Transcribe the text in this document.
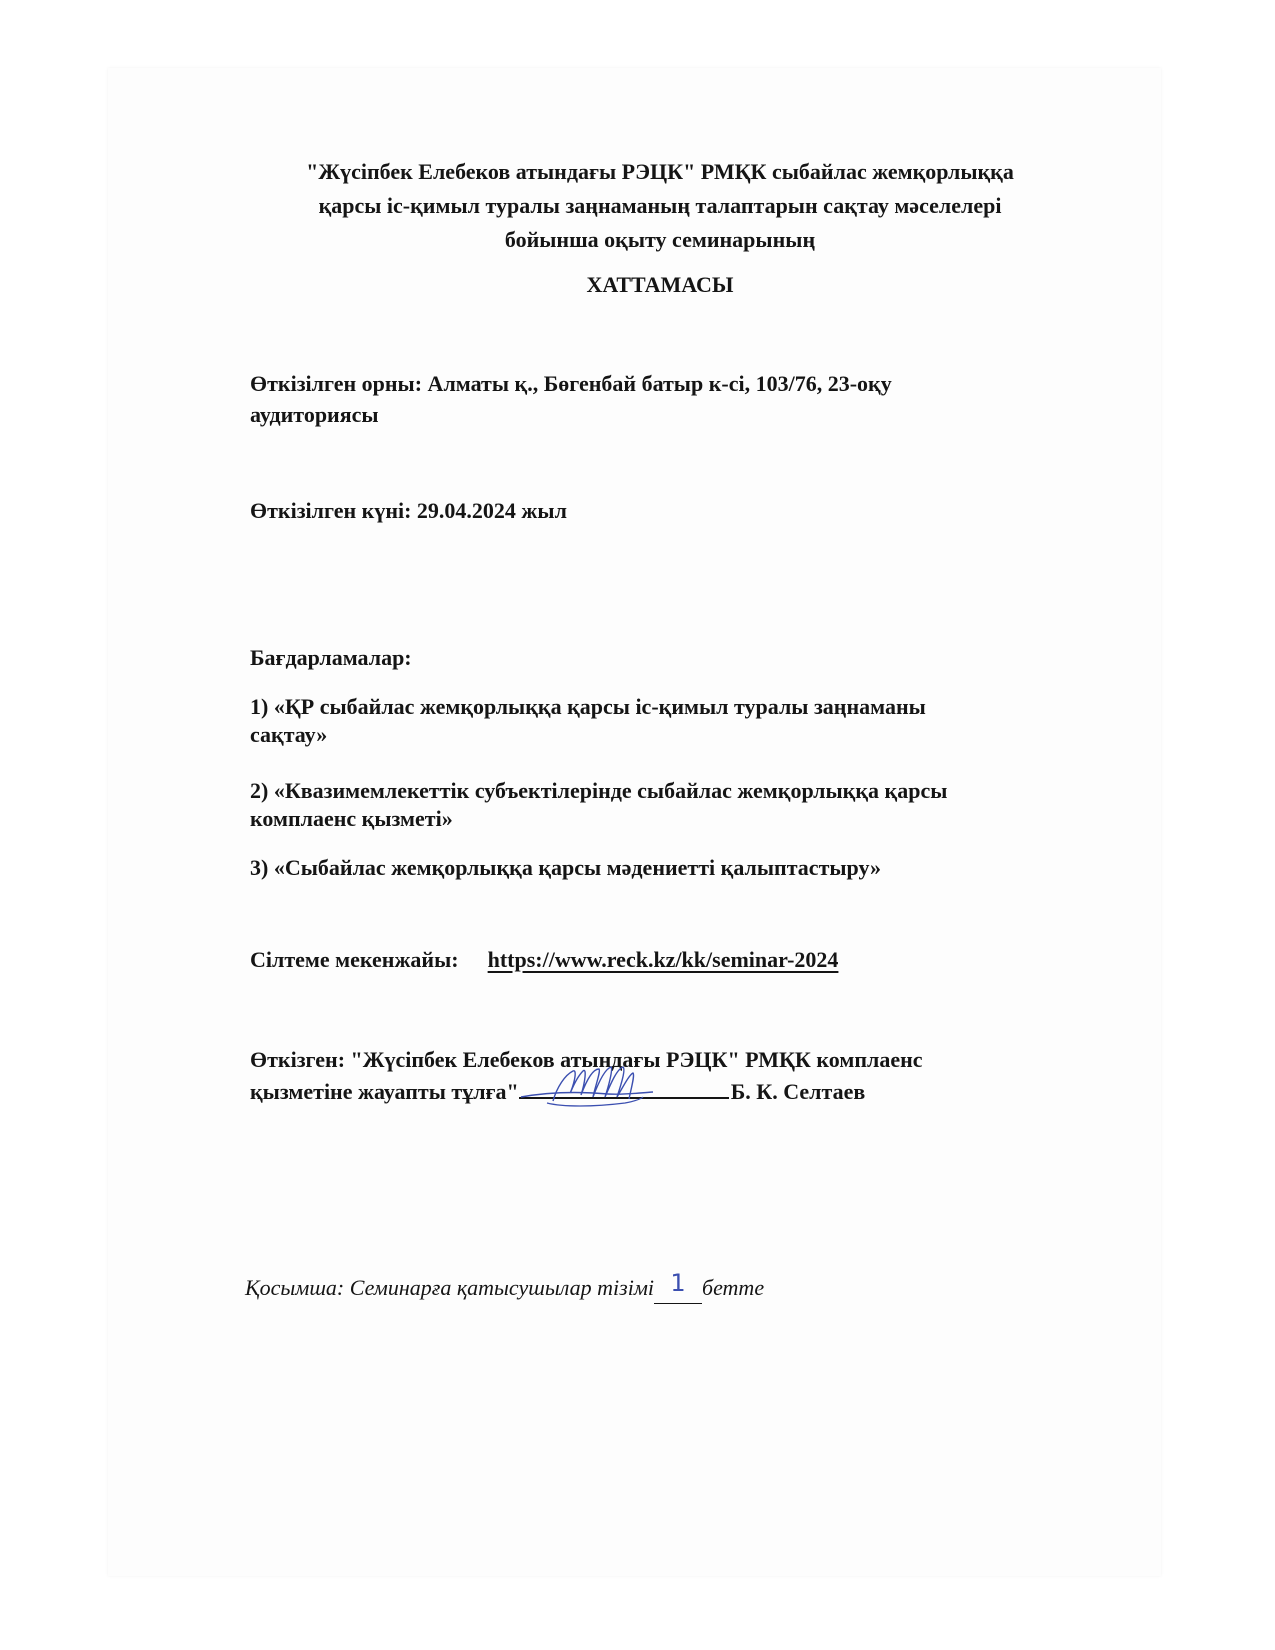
"Жүсіпбек Елебеков атындағы РЭЦК" РМҚК сыбайлас жемқорлыққа

қарсы іс-қимыл туралы заңнаманың талаптарын сақтау мәселелері

бойынша оқыту семинарының

ХАТТАМАСЫ

Өткізілген орны: Алматы қ., Бөгенбай батыр к-сі, 103/76, 23-оқу

аудиториясы

Өткізілген күні: 29.04.2024 жыл

Бағдарламалар:

1) «ҚР сыбайлас жемқорлыққа қарсы іс-қимыл туралы заңнаманы

сақтау»

2) «Квазимемлекеттік субъектілерінде сыбайлас жемқорлыққа қарсы

комплаенс қызметі»

3) «Сыбайлас жемқорлыққа қарсы мәдениетті қалыптастыру»

Сілтеме мекенжайы: https://www.reck.kz/kk/seminar-2024

Өткізген: "Жүсіпбек Елебеков атындағы РЭЦК" РМҚК комплаенс

қызметіне жауапты тұлға"	Б. К. Селтаев

Қосымша: Семинарға қатысушылар тізімі 1 бетте
